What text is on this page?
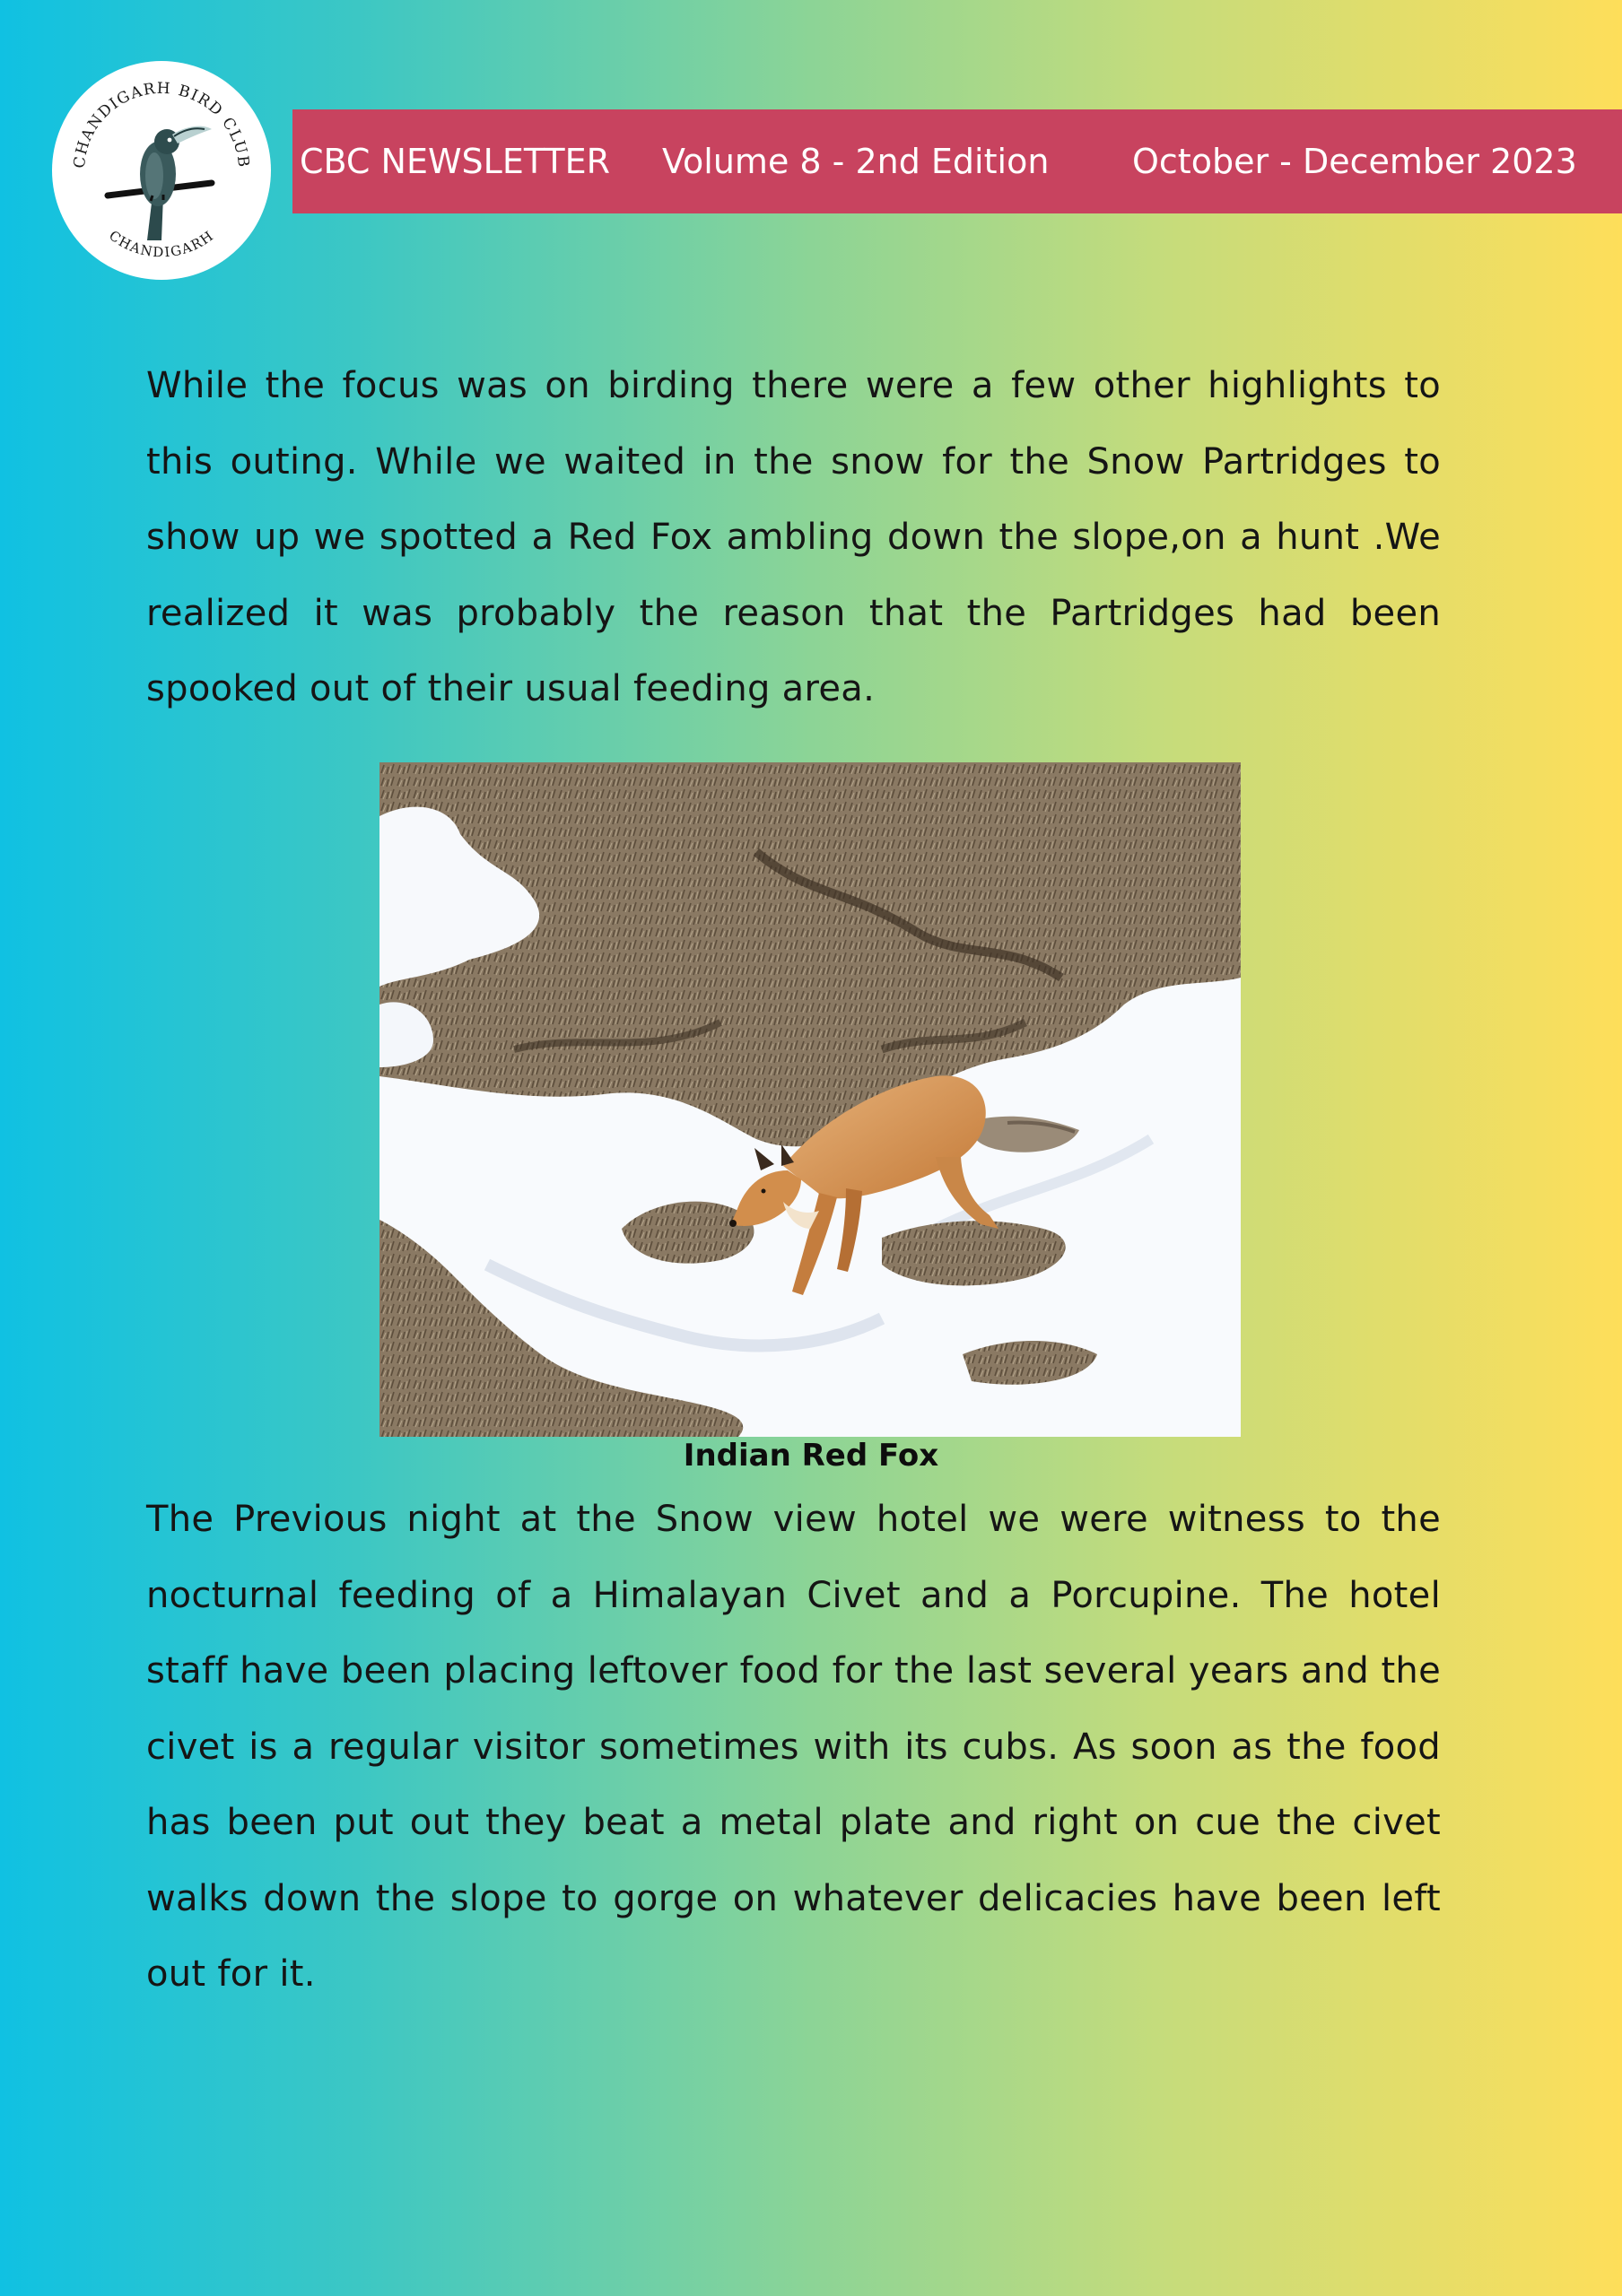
CHANDIGARH BIRD CLUB
CHANDIGARH
CBC NEWSLETTER Volume 8 - 2nd Edition October - December 2023

While the focus was on birding there were a few other highlights to this outing. While we waited in the snow for the Snow Partridges to show up we spotted a Red Fox ambling down the slope,on a hunt .We realized it was probably the reason that the Partridges had been spooked out of their usual feeding area.

Indian Red Fox

The Previous night at the Snow view hotel we were witness to the nocturnal feeding of a Himalayan Civet and a Porcupine. The hotel staff have been placing leftover food for the last several years and the civet is a regular visitor sometimes with its cubs. As soon as the food has been put out they beat a metal plate and right on cue the civet walks down the slope to gorge on whatever delicacies have been left out for it.
